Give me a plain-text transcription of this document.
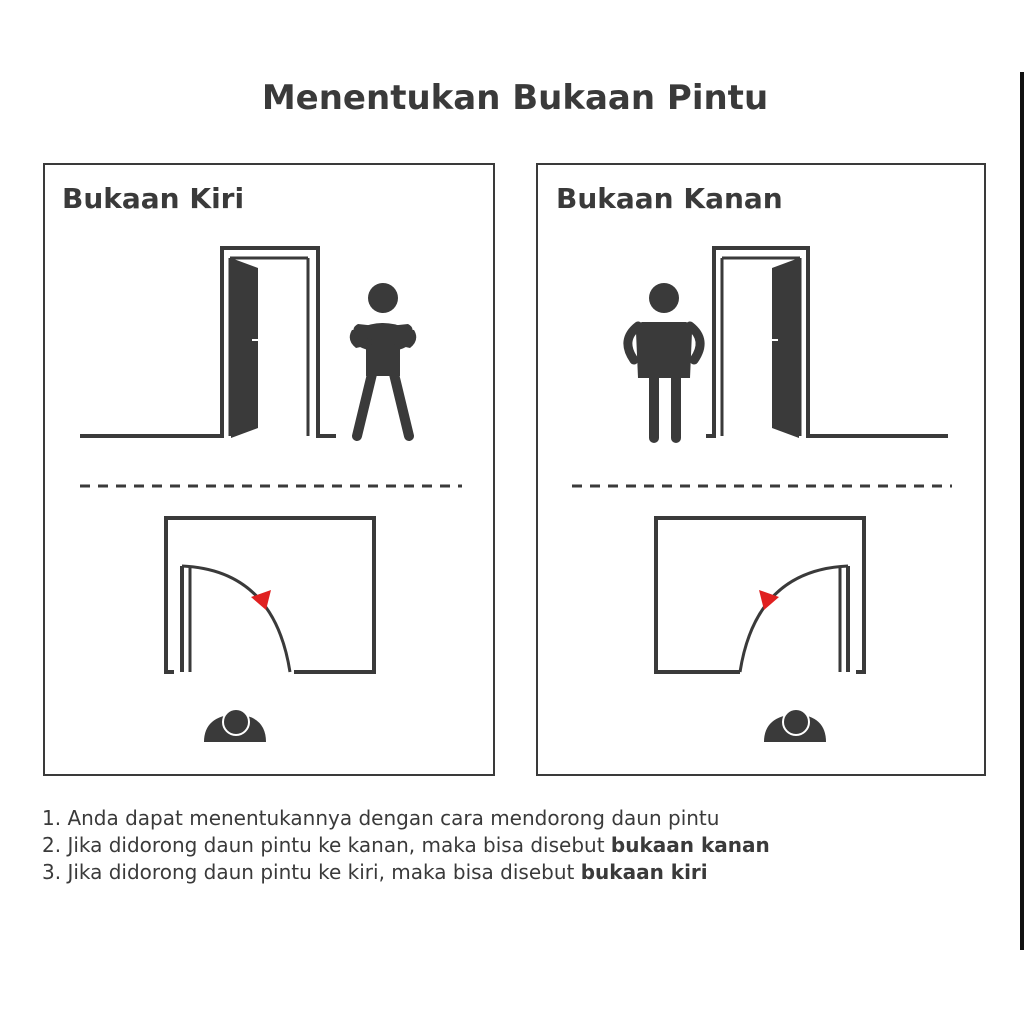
Menentukan Bukaan Pintu
Bukaan Kiri	Bukaan Kanan
1. Anda dapat menentukannya dengan cara mendorong daun pintu
2. Jika didorong daun pintu ke kanan, maka bisa disebut bukaan kanan
3. Jika didorong daun pintu ke kiri, maka bisa disebut bukaan kiri
